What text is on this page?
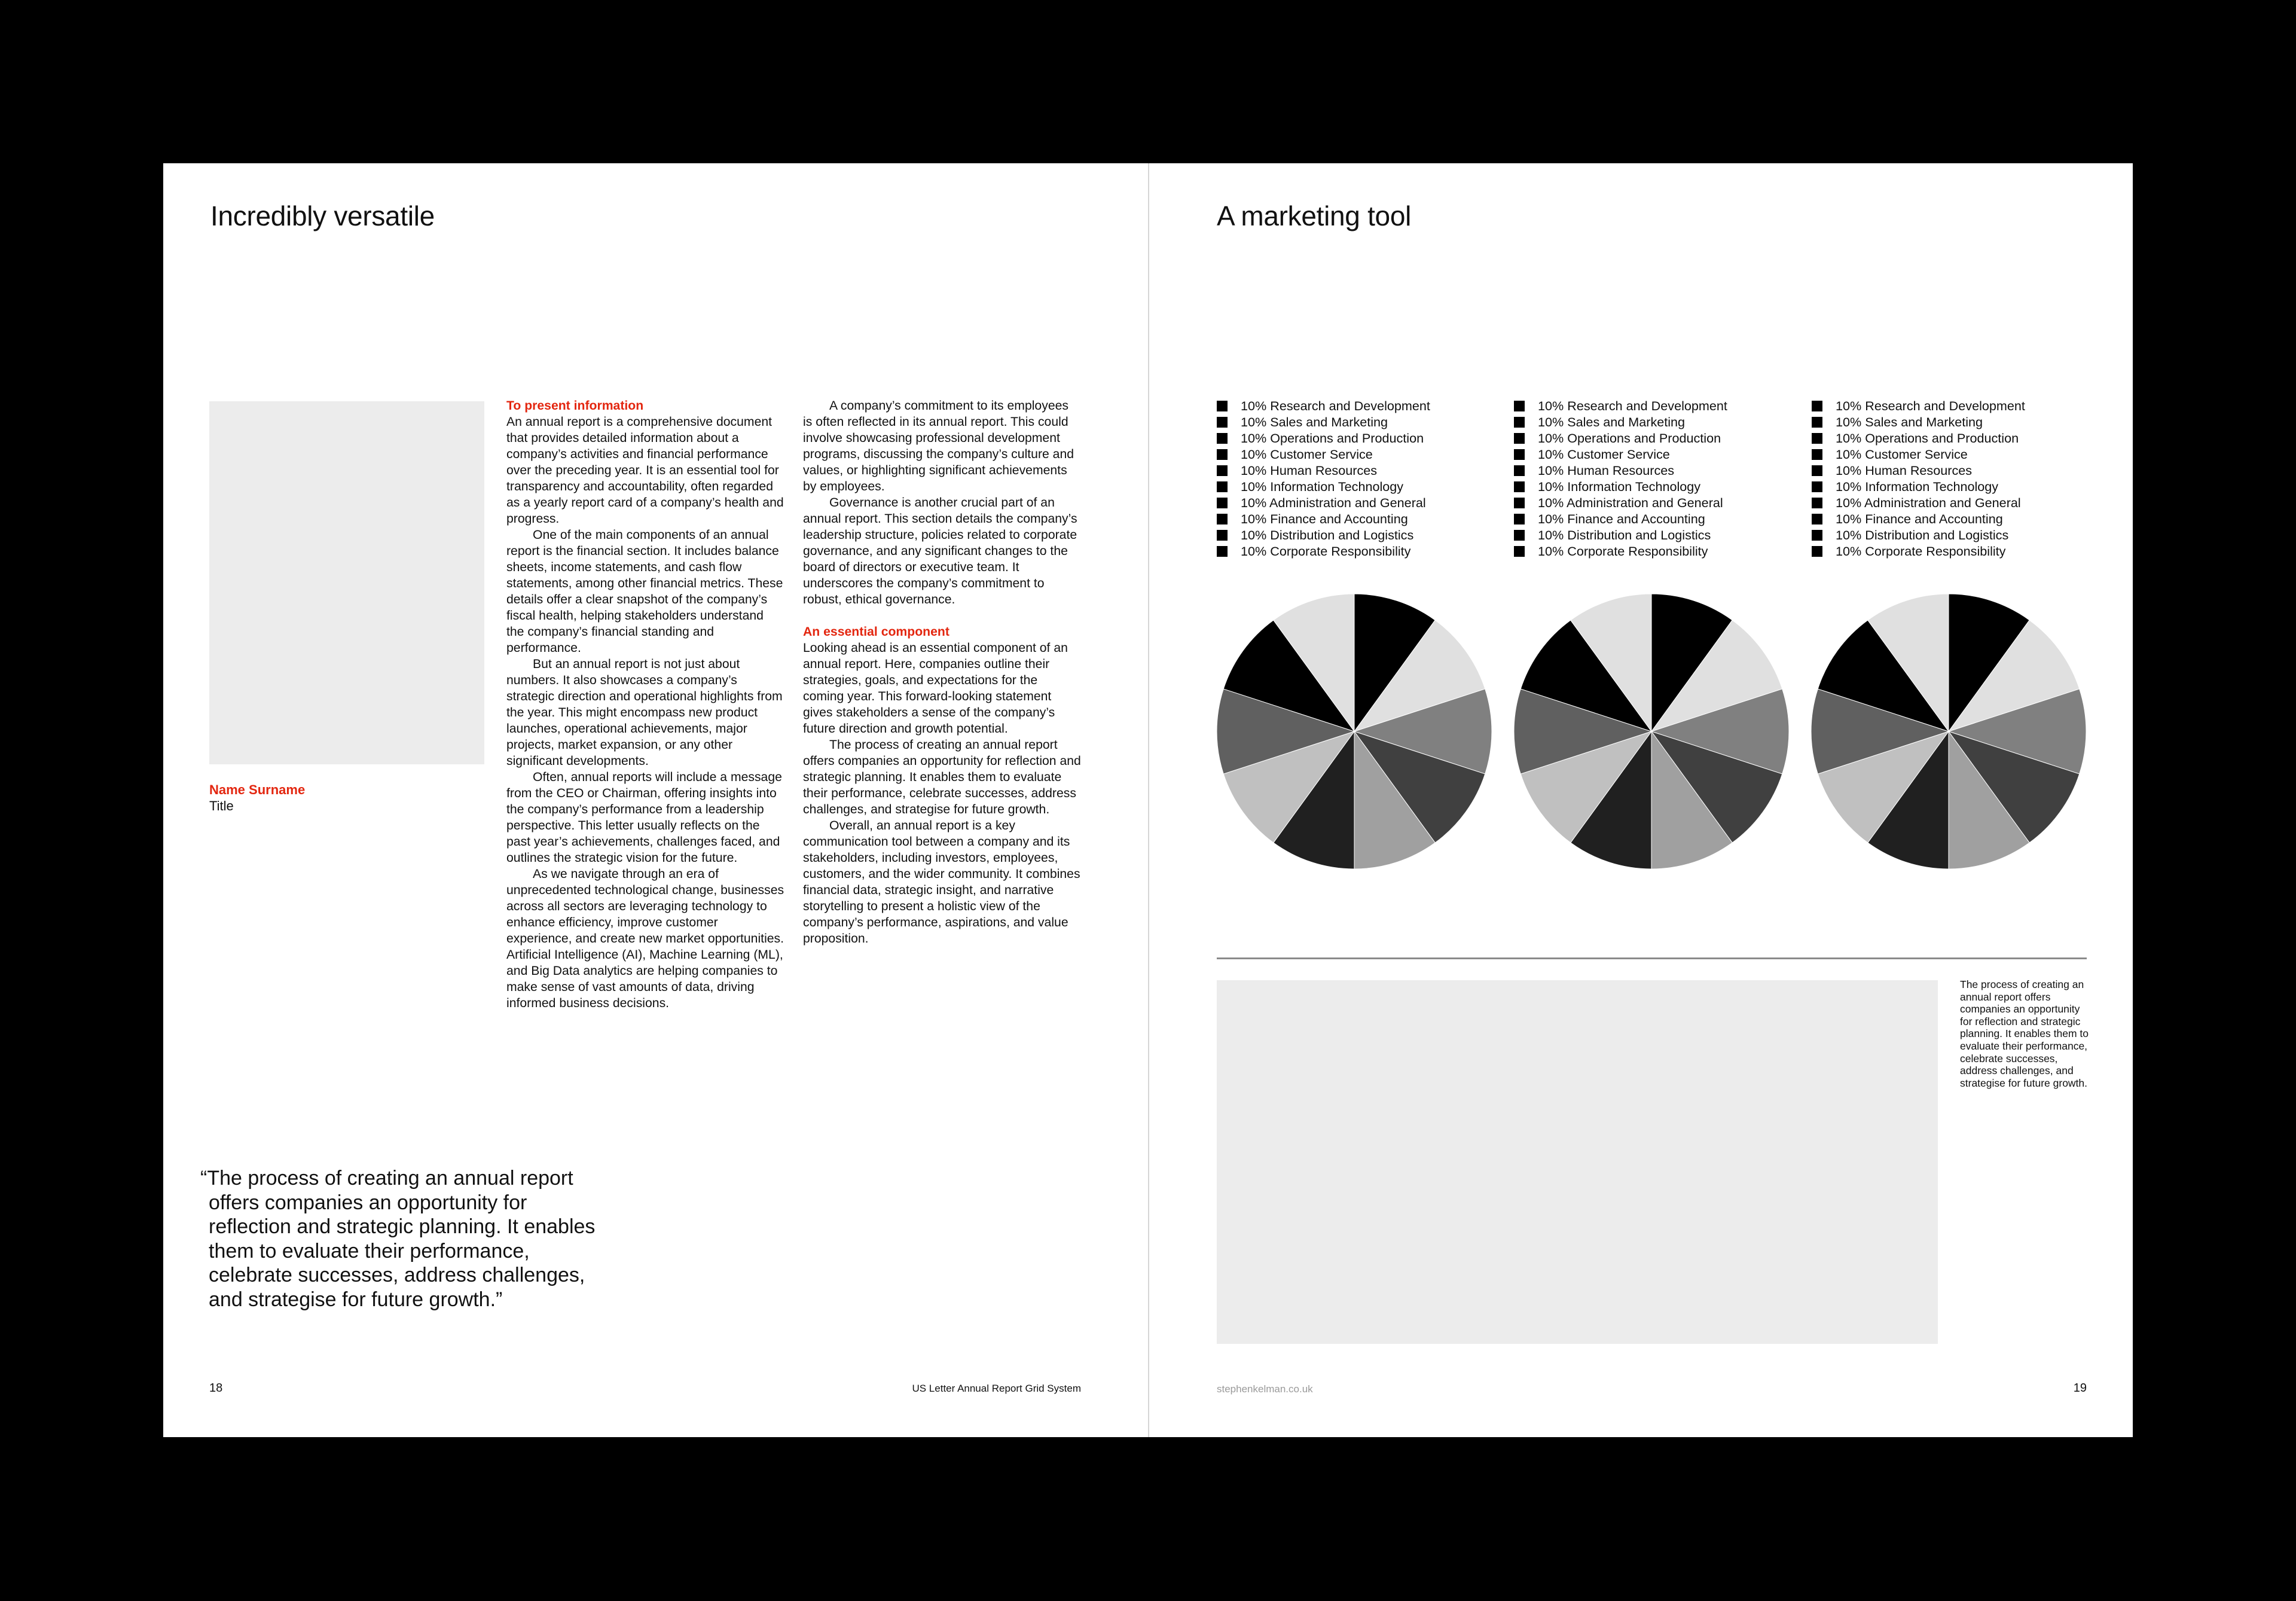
Incredibly versatile
Name Surname
Title

To present information

An annual report is a comprehensive document that provides detailed information about a company’s activities and financial performance over the preceding year. It is an essential tool for transparency and accountability, often regarded as a yearly report card of a company’s health and progress.

One of the main components of an annual report is the financial section. It includes balance sheets, income statements, and cash flow statements, among other financial metrics. These details offer a clear snapshot of the company’s fiscal health, helping stakeholders understand the company’s financial standing and performance.

But an annual report is not just about numbers. It also showcases a company’s strategic direction and operational highlights from the year. This might encompass new product launches, operational achievements, major projects, market expansion, or any other significant developments.

Often, annual reports will include a message from the CEO or Chairman, offering insights into the company’s performance from a leadership perspective. This letter usually reflects on the past year’s achievements, challenges faced, and outlines the strategic vision for the future.

As we navigate through an era of unprecedented technological change, businesses across all sectors are leveraging technology to enhance efficiency, improve customer experience, and create new market opportunities. Artificial Intelligence (AI), Machine Learning (ML), and Big Data analytics are helping companies to make sense of vast amounts of data, driving informed business decisions.

A company’s commitment to its employees is often reflected in its annual report. This could involve showcasing professional development programs, discussing the company’s culture and values, or highlighting significant achievements by employees.

Governance is another crucial part of an annual report. This section details the company’s leadership structure, policies related to corporate governance, and any significant changes to the board of directors or executive team. It underscores the company’s commitment to robust, ethical governance.

An essential component

Looking ahead is an essential component of an annual report. Here, companies outline their strategies, goals, and expectations for the coming year. This forward-looking statement gives stakeholders a sense of the company’s future direction and growth potential.

The process of creating an annual report offers companies an opportunity for reflection and strategic planning. It enables them to evaluate their performance, celebrate successes, address challenges, and strategise for future growth.

Overall, an annual report is a key communication tool between a company and its stakeholders, including investors, employees, customers, and the wider community. It combines financial data, strategic insight, and narrative storytelling to present a holistic view of the company’s performance, aspirations, and value proposition.

“The process of creating an annual report
offers companies an opportunity for
reflection and strategic planning. It enables
them to evaluate their performance,
celebrate successes, address challenges,
and strategise for future growth.”
18	US Letter Annual Report Grid System
A marketing tool
10% Research and Development
10% Sales and Marketing
10% Operations and Production
10% Customer Service
10% Human Resources
10% Information Technology
10% Administration and General
10% Finance and Accounting
10% Distribution and Logistics
10% Corporate Responsibility
10% Research and Development
10% Sales and Marketing
10% Operations and Production
10% Customer Service
10% Human Resources
10% Information Technology
10% Administration and General
10% Finance and Accounting
10% Distribution and Logistics
10% Corporate Responsibility
10% Research and Development
10% Sales and Marketing
10% Operations and Production
10% Customer Service
10% Human Resources
10% Information Technology
10% Administration and General
10% Finance and Accounting
10% Distribution and Logistics
10% Corporate Responsibility
The process of creating an annual report offers companies an opportunity for reflection and strategic planning. It enables them to evaluate their performance, celebrate successes, address challenges, and strategise for future growth.
stephenkelman.co.uk	19
